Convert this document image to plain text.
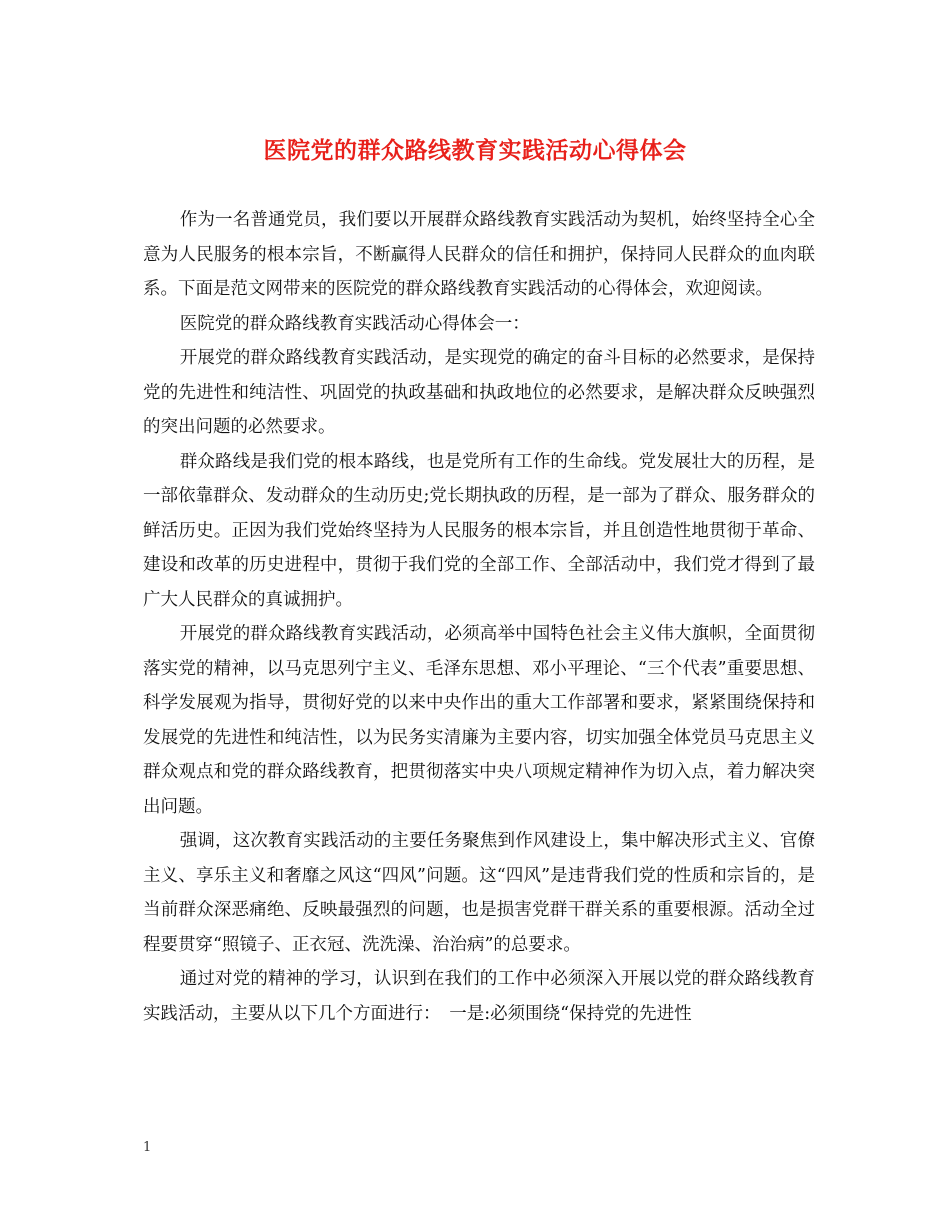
医院党的群众路线教育实践活动心得体会

作为一名普通党员，我们要以开展群众路线教育实践活动为契机，始终坚持全心全意为人民服务的根本宗旨，不断赢得人民群众的信任和拥护，保持同人民群众的血肉联系。下面是范文网带来的医院党的群众路线教育实践活动的心得体会，欢迎阅读。

医院党的群众路线教育实践活动心得体会一：

开展党的群众路线教育实践活动，是实现党的确定的奋斗目标的必然要求，是保持党的先进性和纯洁性、巩固党的执政基础和执政地位的必然要求，是解决群众反映强烈的突出问题的必然要求。

群众路线是我们党的根本路线，也是党所有工作的生命线。党发展壮大的历程，是一部依靠群众、发动群众的生动历史;党长期执政的历程，是一部为了群众、服务群众的鲜活历史。正因为我们党始终坚持为人民服务的根本宗旨，并且创造性地贯彻于革命、建设和改革的历史进程中，贯彻于我们党的全部工作、全部活动中，我们党才得到了最广大人民群众的真诚拥护。

开展党的群众路线教育实践活动，必须高举中国特色社会主义伟大旗帜，全面贯彻落实党的精神，以马克思列宁主义、毛泽东思想、邓小平理论、“三个代表”重要思想、科学发展观为指导，贯彻好党的以来中央作出的重大工作部署和要求，紧紧围绕保持和发展党的先进性和纯洁性，以为民务实清廉为主要内容，切实加强全体党员马克思主义群众观点和党的群众路线教育，把贯彻落实中央八项规定精神作为切入点，着力解决突出问题。

强调，这次教育实践活动的主要任务聚焦到作风建设上，集中解决形式主义、官僚主义、享乐主义和奢靡之风这“四风”问题。这“四风”是违背我们党的性质和宗旨的，是当前群众深恶痛绝、反映最强烈的问题，也是损害党群干群关系的重要根源。活动全过程要贯穿“照镜子、正衣冠、洗洗澡、治治病”的总要求。

通过对党的精神的学习，认识到在我们的工作中必须深入开展以党的群众路线教育实践活动，主要从以下几个方面进行：　一是:必须围绕“保持党的先进性

1
